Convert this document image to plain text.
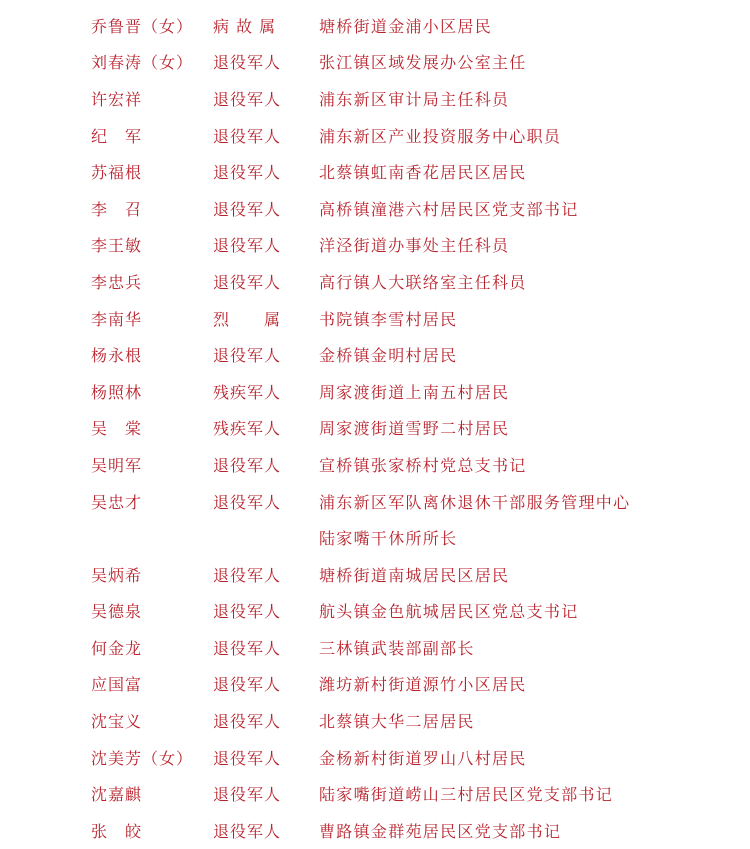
乔鲁晋（女）	病 故 属	塘桥街道金浦小区居民
刘春涛（女）	退役军人	张江镇区域发展办公室主任
许宏祥	退役军人	浦东新区审计局主任科员
纪　军	退役军人	浦东新区产业投资服务中心职员
苏福根	退役军人	北蔡镇虹南香花居民区居民
李　召	退役军人	高桥镇潼港六村居民区党支部书记
李王敏	退役军人	洋泾街道办事处主任科员
李忠兵	退役军人	高行镇人大联络室主任科员
李南华	烈　　属	书院镇李雪村居民
杨永根	退役军人	金桥镇金明村居民
杨照林	残疾军人	周家渡街道上南五村居民
吴　棠	残疾军人	周家渡街道雪野二村居民
吴明军	退役军人	宣桥镇张家桥村党总支书记
吴忠才	退役军人	浦东新区军队离休退休干部服务管理中心
陆家嘴干休所所长
吴炳希	退役军人	塘桥街道南城居民区居民
吴德泉	退役军人	航头镇金色航城居民区党总支书记
何金龙	退役军人	三林镇武装部副部长
应国富	退役军人	潍坊新村街道源竹小区居民
沈宝义	退役军人	北蔡镇大华二居居民
沈美芳（女）	退役军人	金杨新村街道罗山八村居民
沈嘉麒	退役军人	陆家嘴街道崂山三村居民区党支部书记
张　皎	退役军人	曹路镇金群苑居民区党支部书记
